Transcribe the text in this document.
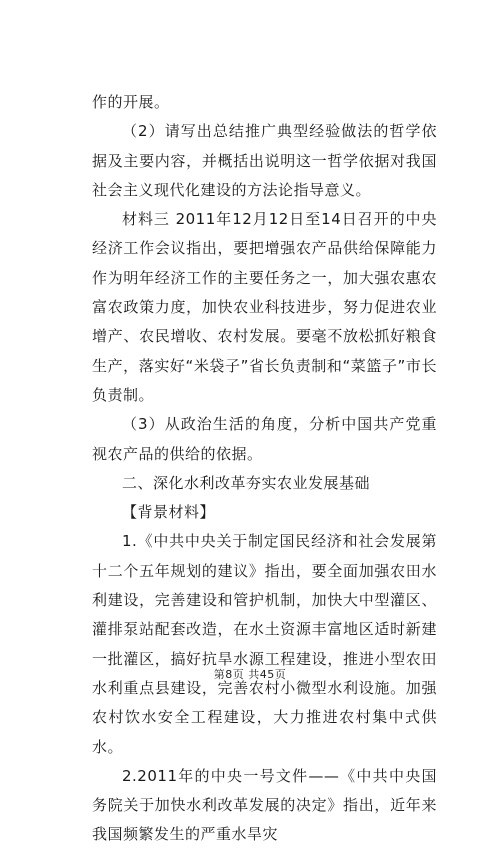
作的开展。

（2）请写出总结推广典型经验做法的哲学依据及主要内容，并概括出说明这一哲学依据对我国社会主义现代化建设的方法论指导意义。

材料三 2011年12月12日至14日召开的中央经济工作会议指出，要把增强农产品供给保障能力作为明年经济工作的主要任务之一，加大强农惠农富农政策力度，加快农业科技进步，努力促进农业增产、农民增收、农村发展。要毫不放松抓好粮食生产，落实好“米袋子”省长负责制和“菜篮子”市长负责制。

（3）从政治生活的角度，分析中国共产党重视农产品的供给的依据。

二、深化水利改革夯实农业发展基础

【背景材料】

1.《中共中央关于制定国民经济和社会发展第十二个五年规划的建议》指出，要全面加强农田水利建设，完善建设和管护机制，加快大中型灌区、灌排泵站配套改造，在水土资源丰富地区适时新建一批灌区，搞好抗旱水源工程建设，推进小型农田水利重点县建设，完善农村小微型水利设施。加强农村饮水安全工程建设，大力推进农村集中式供水。

2.2011年的中央一号文件——《中共中央国务院关于加快水利改革发展的决定》指出，近年来我国频繁发生的严重水旱灾

第8页 共45页
